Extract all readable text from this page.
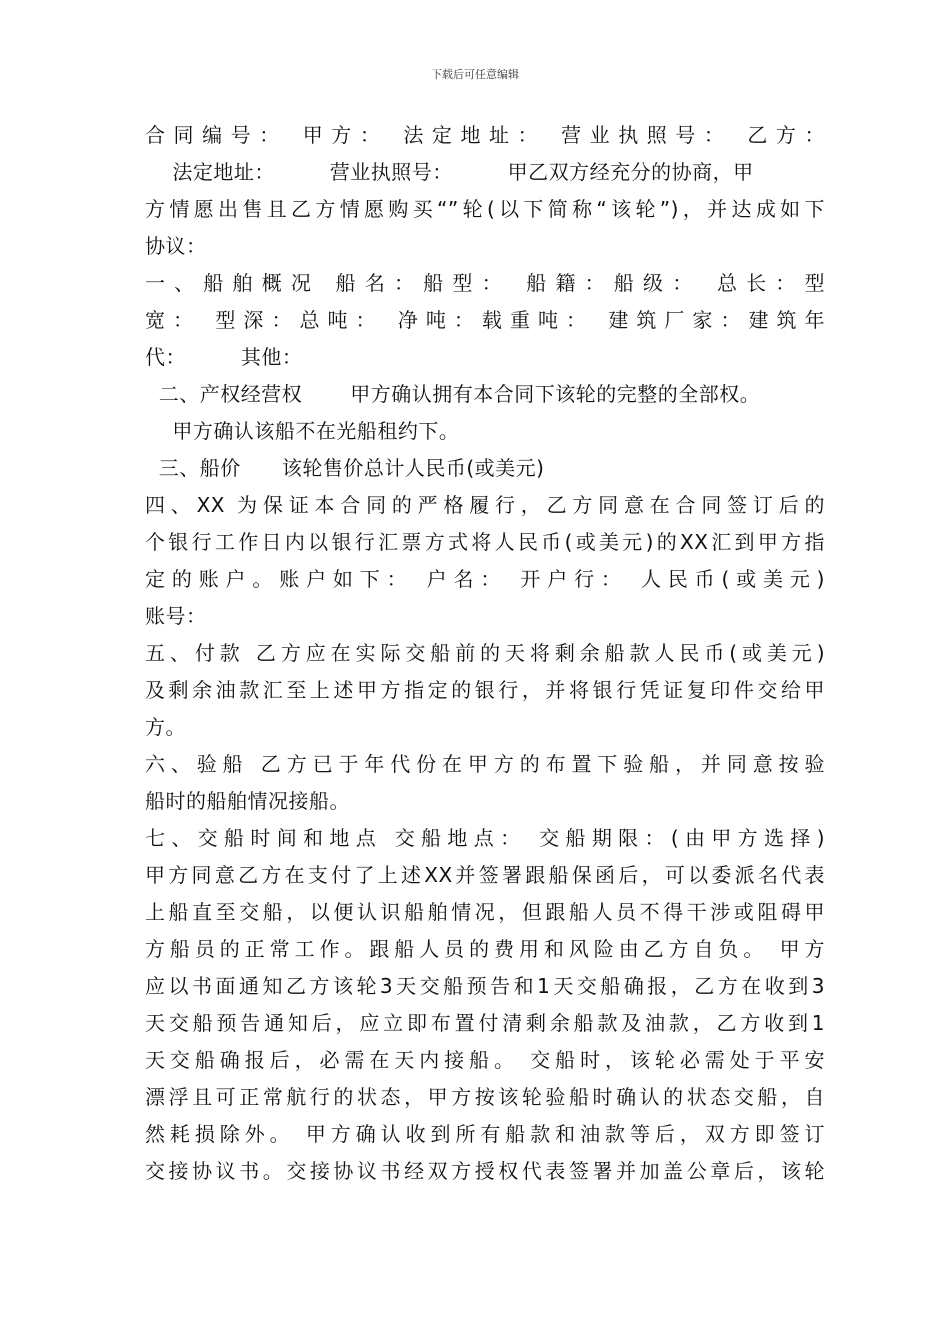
下载后可任意编辑
合同编号： 甲方： 法定地址： 营业执照号： 乙方：
法定地址：        营业执照号：        甲乙双方经充分的协商，甲
方情愿出售且乙方情愿购买“”轮(以下简称“该轮”)，并达成如下
协议：
一、船舶概况 船名：船型： 船籍：船级： 总长：型
宽： 型深：总吨： 净吨：载重吨： 建筑厂家：建筑年
代：        其他：
二、产权经营权       甲方确认拥有本合同下该轮的完整的全部权。
甲方确认该船不在光船租约下。
三、船价      该轮售价总计人民币(或美元)
四、XX 为保证本合同的严格履行，乙方同意在合同签订后的
个银行工作日内以银行汇票方式将人民币(或美元)的XX汇到甲方指
定的账户。账户如下： 户名： 开户行： 人民币(或美元)
账号：
五、付款 乙方应在实际交船前的天将剩余船款人民币(或美元)
及剩余油款汇至上述甲方指定的银行，并将银行凭证复印件交给甲
方。
六、验船 乙方已于年代份在甲方的布置下验船，并同意按验
船时的船舶情况接船。
七、交船时间和地点 交船地点： 交船期限：(由甲方选择)
甲方同意乙方在支付了上述XX并签署跟船保函后，可以委派名代表
上船直至交船，以便认识船舶情况，但跟船人员不得干涉或阻碍甲
方船员的正常工作。跟船人员的费用和风险由乙方自负。 甲方
应以书面通知乙方该轮3天交船预告和1天交船确报，乙方在收到3
天交船预告通知后，应立即布置付清剩余船款及油款，乙方收到1
天交船确报后，必需在天内接船。 交船时，该轮必需处于平安
漂浮且可正常航行的状态，甲方按该轮验船时确认的状态交船，自
然耗损除外。 甲方确认收到所有船款和油款等后，双方即签订
交接协议书。交接协议书经双方授权代表签署并加盖公章后，该轮
